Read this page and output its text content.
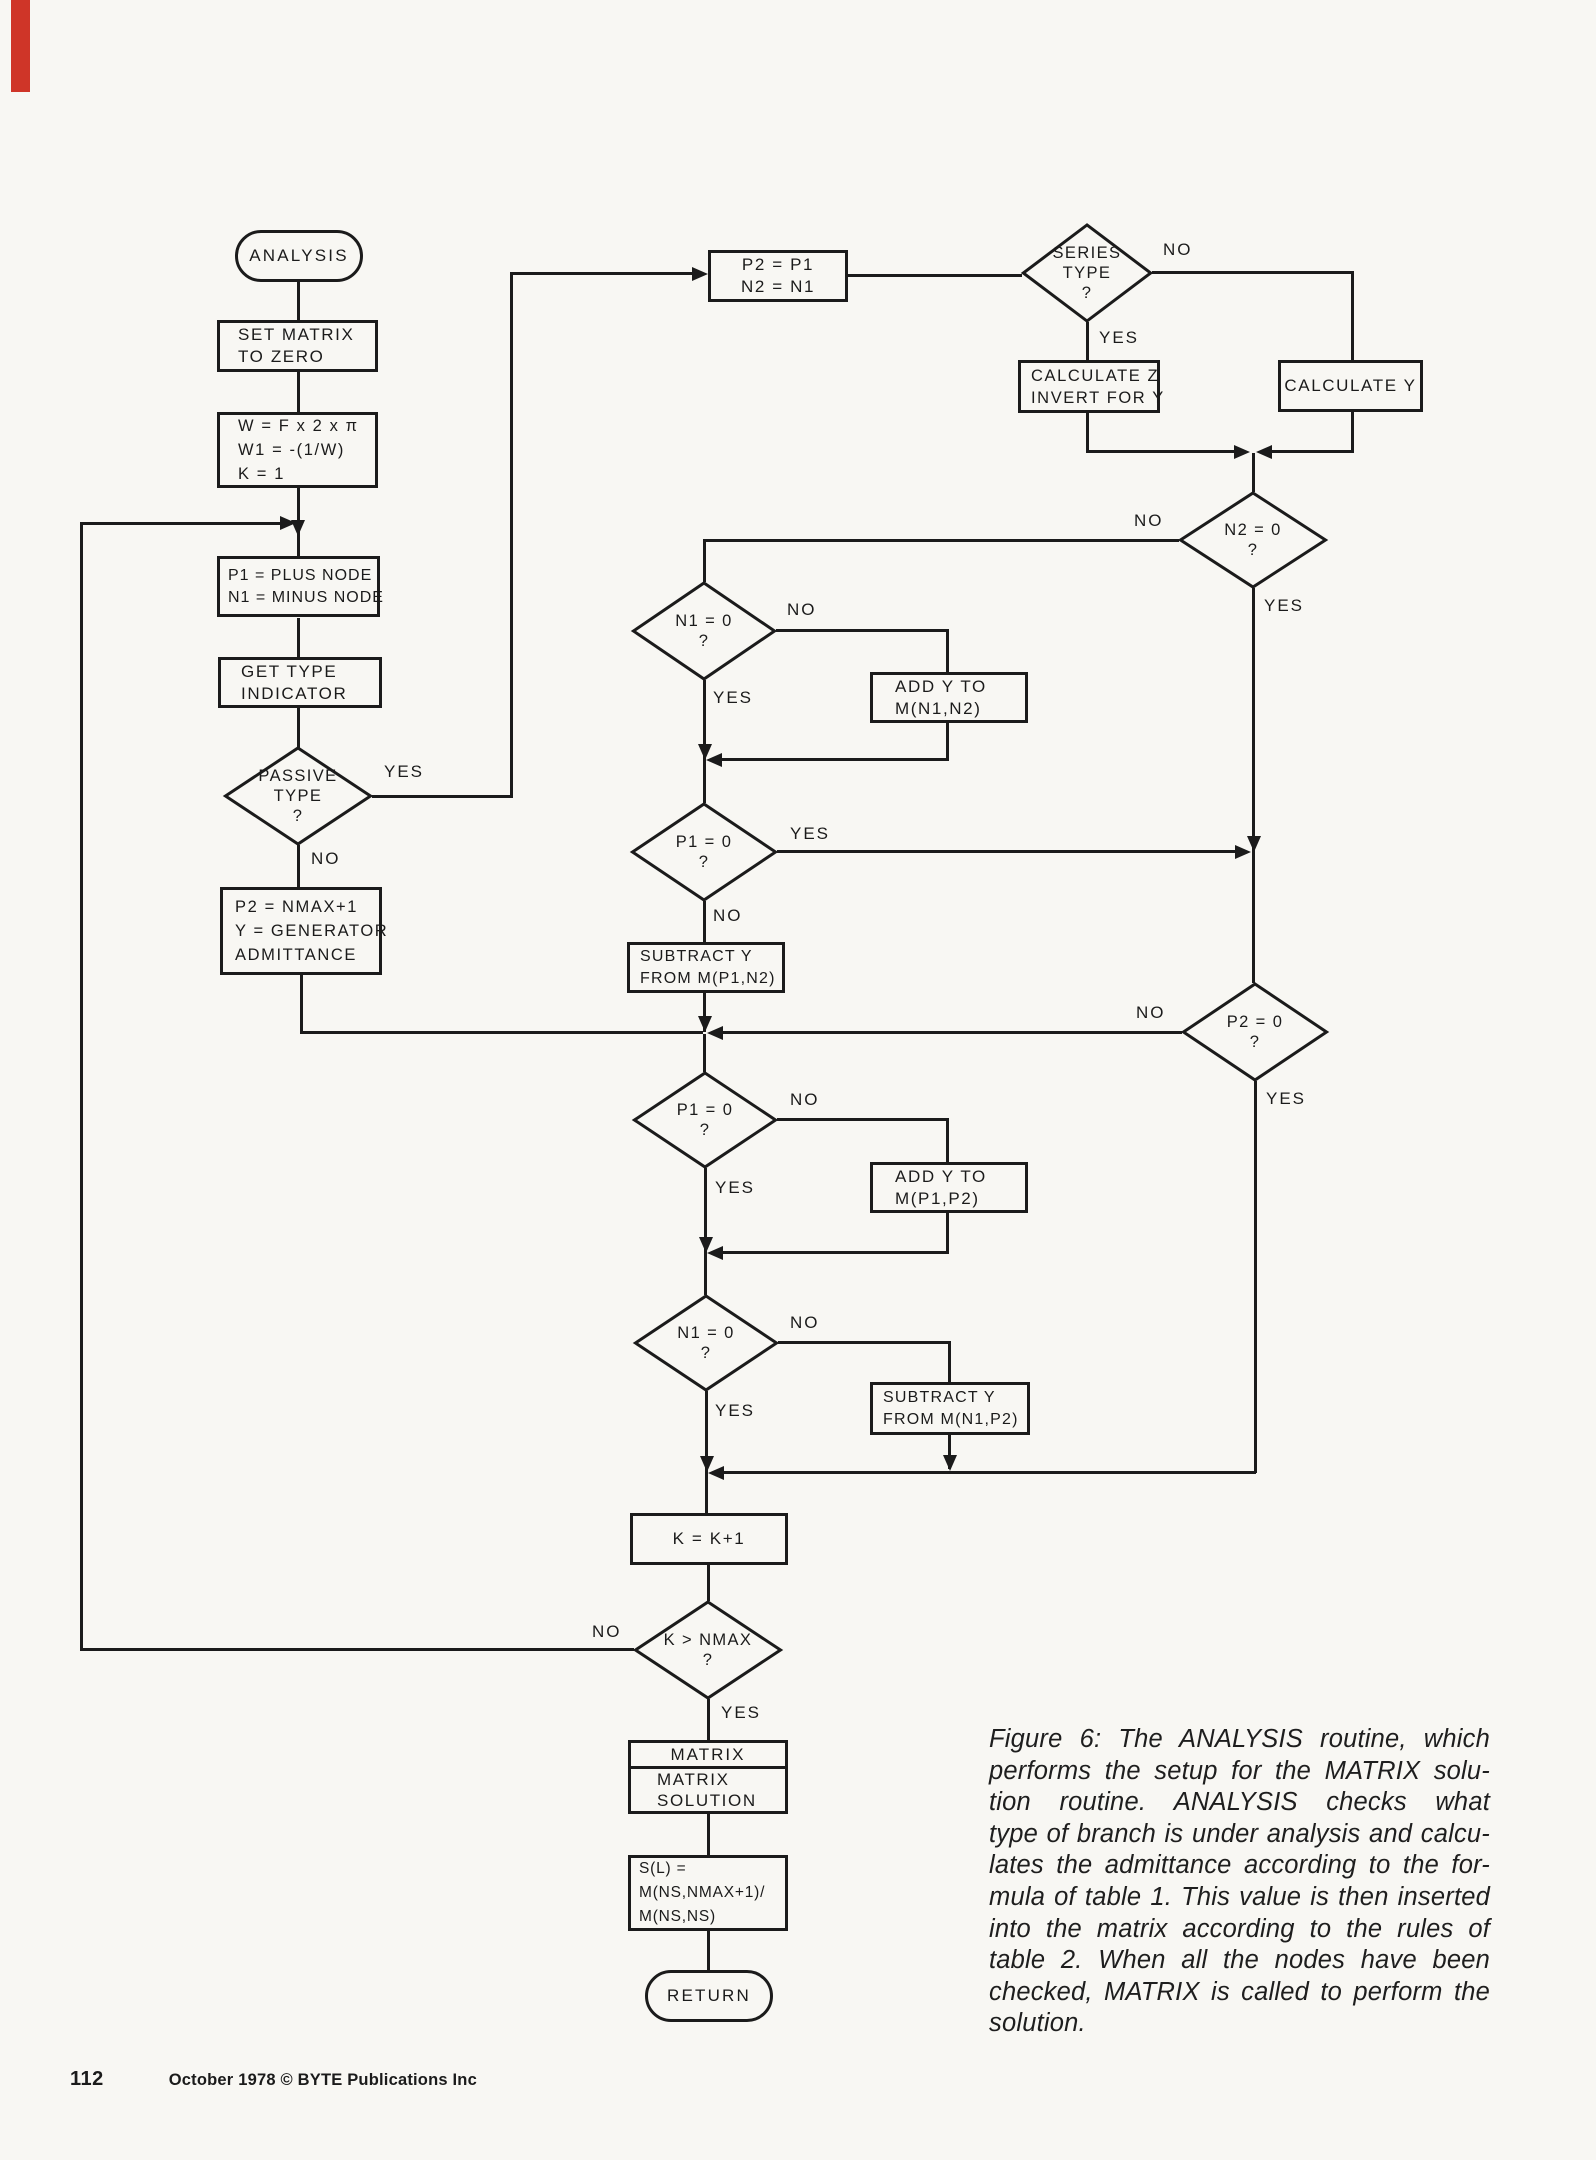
ANALYSIS
SET MATRIX
TO ZERO
W = F x 2 x π
W1 = -(1/W)
K = 1
P1 = PLUS NODE
N1 = MINUS NODE
GET TYPE
INDICATOR
PASSIVE
TYPE
?
P2 = NMAX+1
Y = GENERATOR
ADMITTANCE
P2 = P1
N2 = N1
SERIES
TYPE
?
CALCULATE Z
INVERT FOR Y
CALCULATE Y
N2 = 0
?
N1 = 0
?
ADD Y TO
M(N1,N2)
P1 = 0
?
SUBTRACT Y
FROM M(P1,N2)
P2 = 0
?
P1 = 0
?
ADD Y TO
M(P1,P2)
N1 = 0
?
SUBTRACT Y
FROM M(N1,P2)
K = K+1
K > NMAX
?
MATRIX
MATRIX
SOLUTION
S(L) =
M(NS,NMAX+1)/
M(NS,NS)
RETURN
NO
YES
NO
YES
NO
YES
NO
YES
YES
NO
NO
YES
NO
YES
NO
YES
NO
YES
Figure 6: The ANALYSIS routine, which
performs the setup for the MATRIX solu-
tion routine. ANALYSIS checks what
type of branch is under analysis and calcu-
lates the admittance according to the for-
mula of table 1. This value is then inserted
into the matrix according to the rules of
table 2. When all the nodes have been
checked, MATRIX is called to perform the
solution.
112	October 1978 © BYTE Publications Inc
